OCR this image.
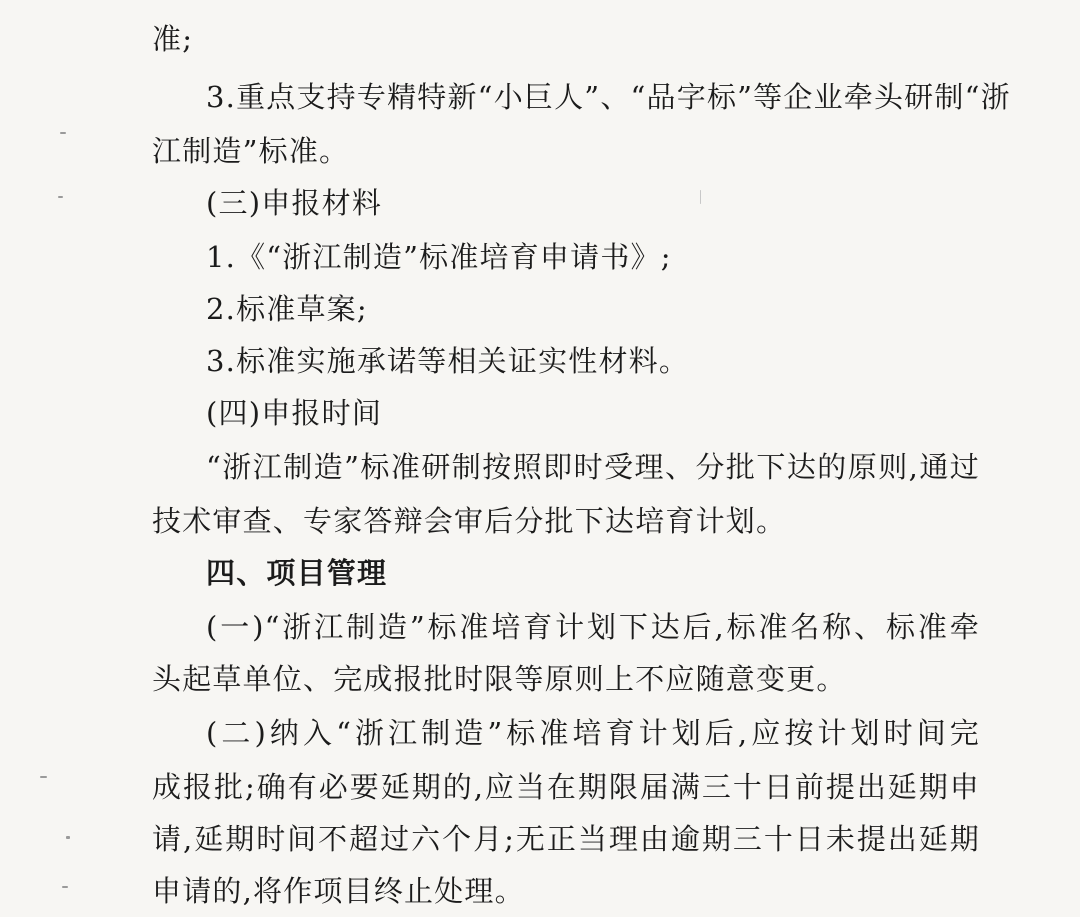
准;
3.重点支持专精特新“小巨人”、“品字标”等企业牵头研制“浙
江制造”标准。
(三)申报材料
1.《“浙江制造”标准培育申请书》;
2.标准草案;
3.标准实施承诺等相关证实性材料。
(四)申报时间
“浙江制造”标准研制按照即时受理、分批下达的原则,通过
技术审查、专家答辩会审后分批下达培育计划。
四、项目管理
(一)“浙江制造”标准培育计划下达后,标准名称、标准牵
头起草单位、完成报批时限等原则上不应随意变更。
(二)纳入“浙江制造”标准培育计划后,应按计划时间完
成报批;确有必要延期的,应当在期限届满三十日前提出延期申
请,延期时间不超过六个月;无正当理由逾期三十日未提出延期
申请的,将作项目终止处理。
